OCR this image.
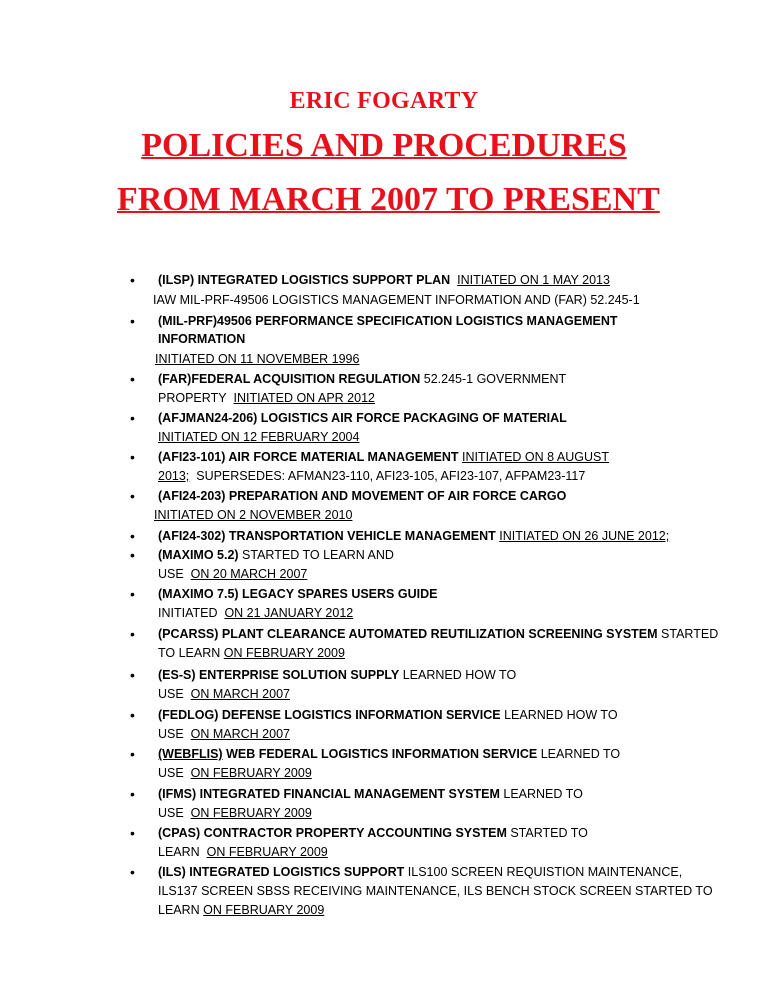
ERIC FOGARTY
POLICIES AND PROCEDURES
FROM MARCH 2007 TO PRESENT
• (ILSP) INTEGRATED LOGISTICS SUPPORT PLAN INITIATED ON 1 MAY 2013
IAW MIL-PRF-49506 LOGISTICS MANAGEMENT INFORMATION AND (FAR) 52.245-1
• (MIL-PRF)49506 PERFORMANCE SPECIFICATION LOGISTICS MANAGEMENT
INFORMATION
INITIATED ON 11 NOVEMBER 1996
• (FAR)FEDERAL ACQUISITION REGULATION 52.245-1 GOVERNMENT
PROPERTY INITIATED ON APR 2012
• (AFJMAN24-206) LOGISTICS AIR FORCE PACKAGING OF MATERIAL
INITIATED ON 12 FEBRUARY 2004
• (AFI23-101) AIR FORCE MATERIAL MANAGEMENT INITIATED ON 8 AUGUST
2013; SUPERSEDES: AFMAN23-110, AFI23-105, AFI23-107, AFPAM23-117
• (AFI24-203) PREPARATION AND MOVEMENT OF AIR FORCE CARGO
INITIATED ON 2 NOVEMBER 2010
• (AFI24-302) TRANSPORTATION VEHICLE MANAGEMENT INITIATED ON 26 JUNE 2012;
• (MAXIMO 5.2) STARTED TO LEARN AND
USE ON 20 MARCH 2007
• (MAXIMO 7.5) LEGACY SPARES USERS GUIDE
INITIATED ON 21 JANUARY 2012
• (PCARSS) PLANT CLEARANCE AUTOMATED REUTILIZATION SCREENING SYSTEM STARTED
TO LEARN ON FEBRUARY 2009
• (ES-S) ENTERPRISE SOLUTION SUPPLY LEARNED HOW TO
USE ON MARCH 2007
• (FEDLOG) DEFENSE LOGISTICS INFORMATION SERVICE LEARNED HOW TO
USE ON MARCH 2007
• (WEBFLIS) WEB FEDERAL LOGISTICS INFORMATION SERVICE LEARNED TO
USE ON FEBRUARY 2009
• (IFMS) INTEGRATED FINANCIAL MANAGEMENT SYSTEM LEARNED TO
USE ON FEBRUARY 2009
• (CPAS) CONTRACTOR PROPERTY ACCOUNTING SYSTEM STARTED TO
LEARN ON FEBRUARY 2009
• (ILS) INTEGRATED LOGISTICS SUPPORT ILS100 SCREEN REQUISTION MAINTENANCE,
ILS137 SCREEN SBSS RECEIVING MAINTENANCE, ILS BENCH STOCK SCREEN STARTED TO
LEARN ON FEBRUARY 2009
